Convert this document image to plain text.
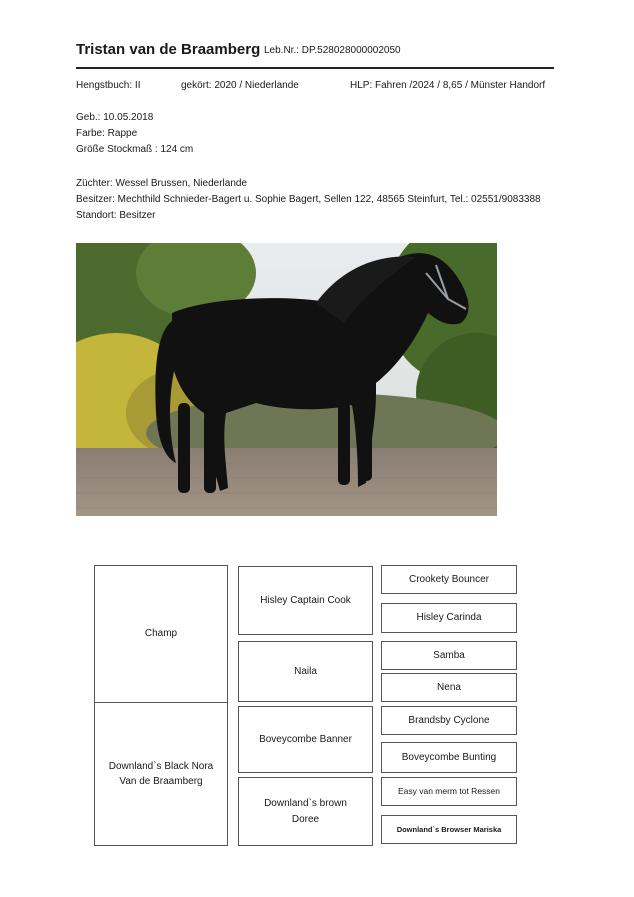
Tristan van de Braamberg Leb.Nr.: DP.528028000002050
Hengstbuch: II	gekört: 2020 / Niederlande	HLP: Fahren /2024 / 8,65 / Münster Handorf
Geb.: 10.05.2018
Farbe: Rappe
Größe Stockmaß : 124 cm
Züchter: Wessel Brussen, Niederlande
Besitzer: Mechthild Schnieder-Bagert u. Sophie Bagert, Sellen 122, 48565 Steinfurt, Tel.: 02551/9083388
Standort: Besitzer
Champ
Downland`s Black Nora
Van de Braamberg
Hisley Captain Cook
Naila
Boveycombe Banner
Downland`s brown
Doree
Crookety Bouncer
Hisley Carinda
Samba
Nena
Brandsby Cyclone
Boveycombe Bunting
Easy van merm tot Ressen
Downland`s Browser Mariska
